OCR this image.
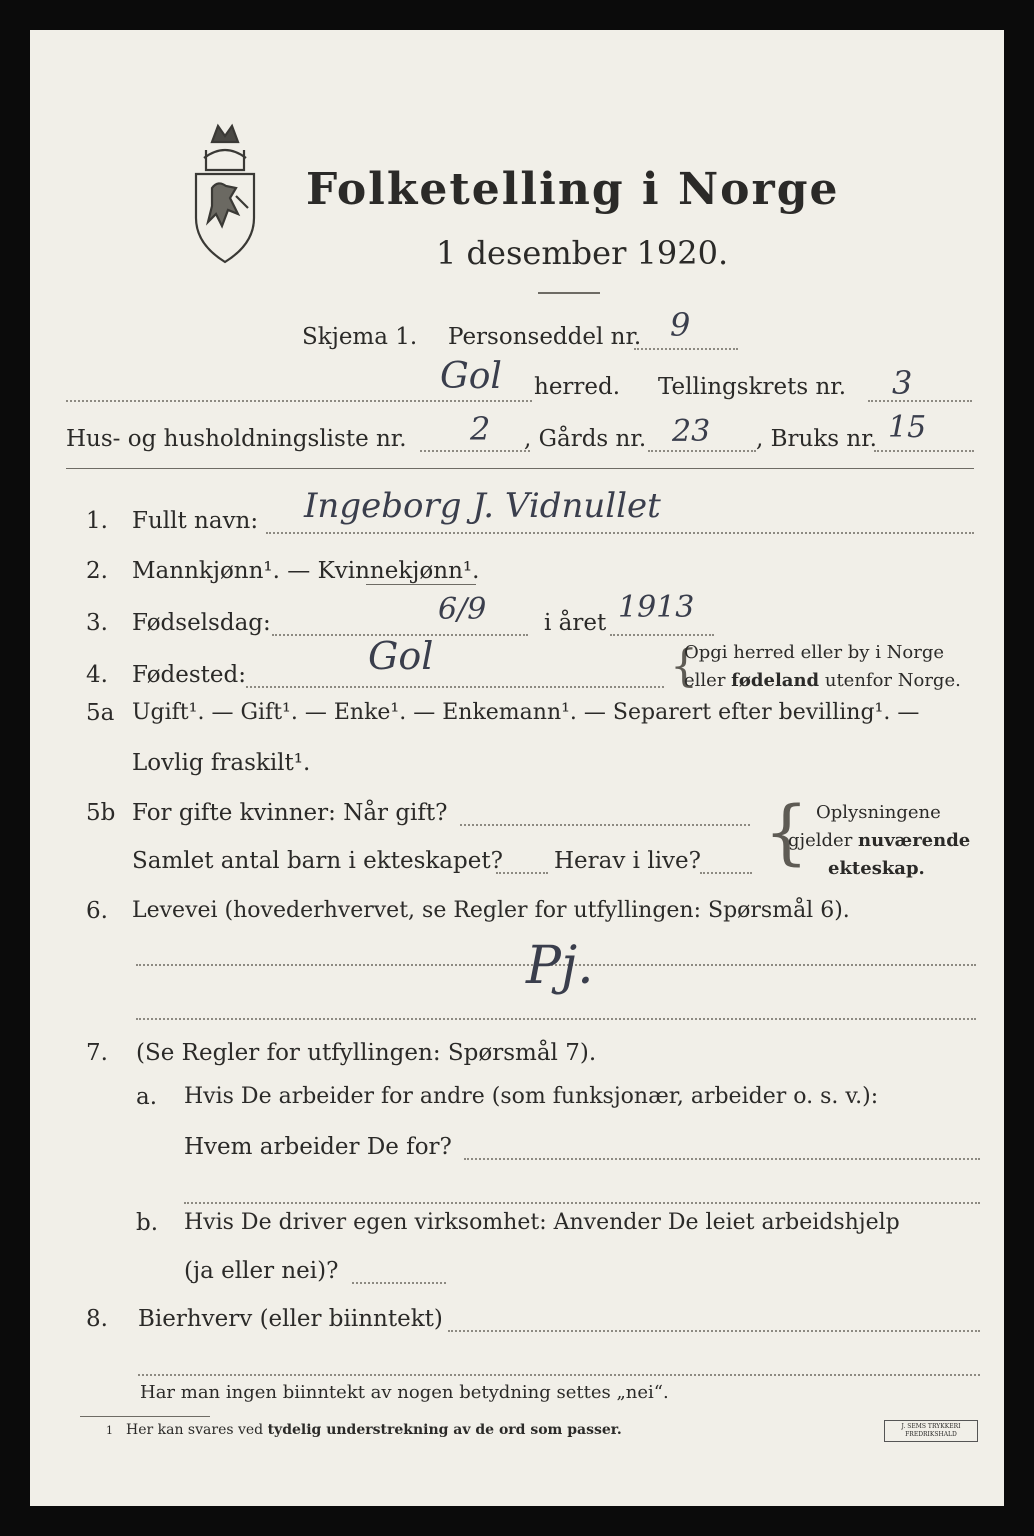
Folketelling i Norge
1 desember 1920.
Skjema 1. Personseddel nr. 9
Gol herred. Tellingskrets nr. 3
Hus- og husholdningsliste nr. 2 , Gårds nr. 23 , Bruks nr. 15
1. Fullt navn: Ingeborg J. Vidnullet
2. Mannkjønn¹. — Kvinnekjønn¹.
3. Fødselsdag:	6/9	i året 1913
4. Fødested:	Gol	{
Opgi herred eller by i Norge
eller fødeland utenfor Norge.
5a Ugift¹. — Gift¹. — Enke¹. — Enkemann¹. — Separert efter bevilling¹. —
Lovlig fraskilt¹.
5b For gifte kvinner: Når gift?
Samlet antal barn i ekteskapet? Herav i live? { Oplysningene
gjelder nuværende
ekteskap.
6. Levevei (hovederhvervet, se Regler for utfyllingen: Spørsmål 6).
Pj.
7. (Se Regler for utfyllingen: Spørsmål 7).
a. Hvis De arbeider for andre (som funksjonær, arbeider o. s. v.):
Hvem arbeider De for?
b. Hvis De driver egen virksomhet: Anvender De leiet arbeidshjelp
(ja eller nei)?
8. Bierhverv (eller biinntekt)
Har man ingen biinntekt av nogen betydning settes „nei“.
1 Her kan svares ved tydelig understrekning av de ord som passer.	J. SEMS TRYKKERI FREDRIKSHALD
